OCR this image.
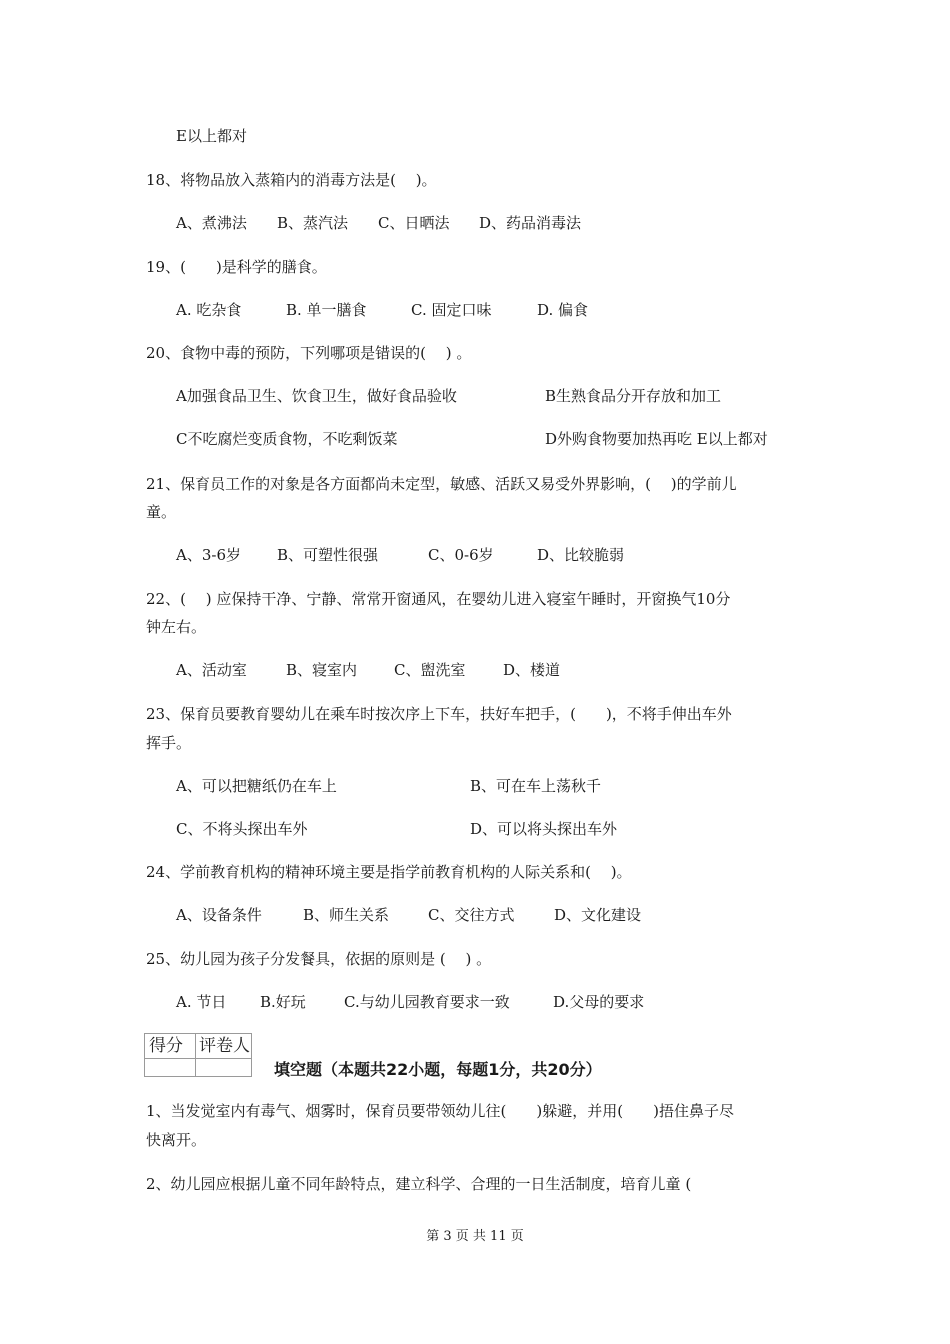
E以上都对
18、将物品放入蒸箱内的消毒方法是(　 )。
A、煮沸法 B、蒸汽法 C、日晒法 D、药品消毒法
19、(　　)是科学的膳食。
A. 吃杂食	B. 单一膳食	C. 固定口味	D. 偏食
20、食物中毒的预防，下列哪项是错误的(　 ) 。
A加强食品卫生、饮食卫生，做好食品验收	B生熟食品分开存放和加工
C不吃腐烂变质食物，不吃剩饭菜	D外购食物要加热再吃 E以上都对
21、保育员工作的对象是各方面都尚未定型，敏感、活跃又易受外界影响，(　 )的学前儿
童。
A、3-6岁 B、可塑性很强	C、0-6岁	D、比较脆弱
22、(　 ) 应保持干净、宁静、常常开窗通风，在婴幼儿进入寝室午睡时，开窗换气10分
钟左右。
A、活动室	B、寝室内 C、盥洗室	D、楼道
23、保育员要教育婴幼儿在乘车时按次序上下车，扶好车把手，(　　)，不将手伸出车外
挥手。
A、可以把糖纸仍在车上	B、可在车上荡秋千
C、不将头探出车外	D、可以将头探出车外
24、学前教育机构的精神环境主要是指学前教育机构的人际关系和(　 )。
A、设备条件	B、师生关系	C、交往方式	D、文化建设
25、幼儿园为孩子分发餐具，依据的原则是 (　 ) 。
A. 节日 B.好玩	C.与幼儿园教育要求一致	D.父母的要求
得分 评卷人
填空题（本题共22小题，每题1分，共20分）
1、当发觉室内有毒气、烟雾时，保育员要带领幼儿往(　　)躲避，并用(　　)捂住鼻子尽
快离开。
2、幼儿园应根据儿童不同年龄特点，建立科学、合理的一日生活制度，培育儿童 (
第 3 页 共 11 页
